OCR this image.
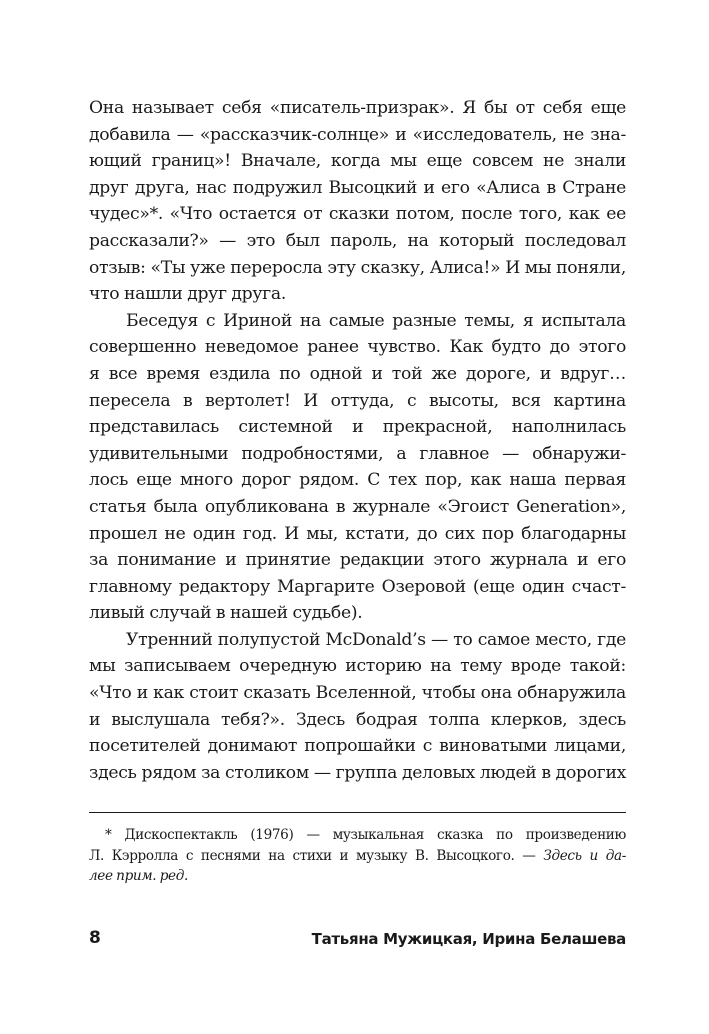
Она называет себя «писатель-призрак». Я бы от себя еще
добавила — «рассказчик-солнце» и «исследователь, не зна-
ющий границ»! Вначале, когда мы еще совсем не знали
друг друга, нас подружил Высоцкий и его «Алиса в Стране
чудес»*. «Что остается от сказки потом, после того, как ее
рассказали?» — это был пароль, на который последовал
отзыв: «Ты уже переросла эту сказку, Алиса!» И мы поняли,
что нашли друг друга.
Беседуя с Ириной на самые разные темы, я испытала
совершенно неведомое ранее чувство. Как будто до этого
я все время ездила по одной и той же дороге, и вдруг…
пересела в вертолет! И оттуда, с высоты, вся картина
представилась системной и прекрасной, наполнилась
удивительными подробностями, а главное — обнаружи-
лось еще много дорог рядом. С тех пор, как наша первая
статья была опубликована в журнале «Эгоист Generation»,
прошел не один год. И мы, кстати, до сих пор благодарны
за понимание и принятие редакции этого журнала и его
главному редактору Маргарите Озеровой (еще один счаст-
ливый случай в нашей судьбе).
Утренний полупустой McDonald’s — то самое место, где
мы записываем очередную историю на тему вроде такой:
«Что и как стоит сказать Вселенной, чтобы она обнаружила
и выслушала тебя?». Здесь бодрая толпа клерков, здесь
посетителей донимают попрошайки с виноватыми лицами,
здесь рядом за столиком — группа деловых людей в дорогих
* Дискоспектакль (1976) — музыкальная сказка по произведению
Л. Кэрролла с песнями на стихи и музыку В. Высоцкого. — Здесь и да-
лее прим. ред.
8	Татьяна Мужицкая, Ирина Белашева
